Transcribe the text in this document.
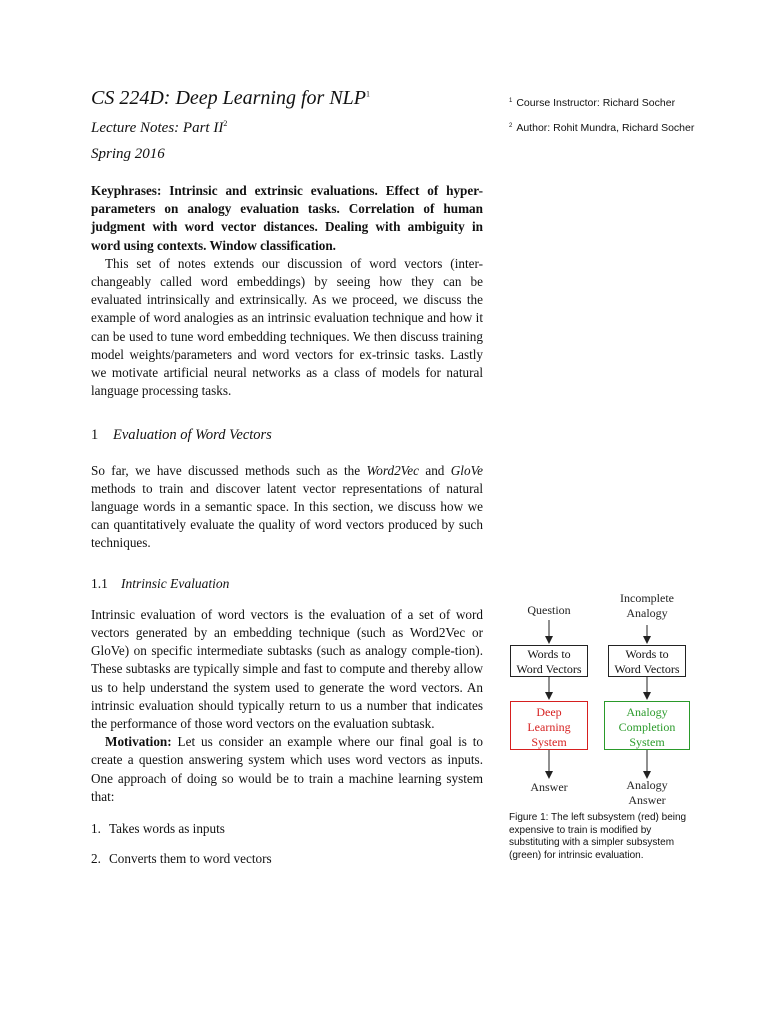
CS 224D: Deep Learning for NLP$^1$
Lecture Notes: Part $II^2$
Spring 2016

Keyphrases: Intrinsic and extrinsic evaluations. Effect of hyper-parameters on analogy evaluation tasks. Correlation of human judgment with word vector distances. Dealing with ambiguity in word using contexts. Window classification.

This set of notes extends our discussion of word vectors (inter-changeably called word embeddings) by seeing how they can be evaluated intrinsically and extrinsically. As we proceed, we discuss the example of word analogies as an intrinsic evaluation technique and how it can be used to tune word embedding techniques. We then discuss training model weights/parameters and word vectors for ex-trinsic tasks. Lastly we motivate artificial neural networks as a class of models for natural language processing tasks.

1 Evaluation of Word Vectors

So far, we have discussed methods such as the Word2Vec and GloVe methods to train and discover latent vector representations of natural language words in a semantic space. In this section, we discuss how we can quantitatively evaluate the quality of word vectors produced by such techniques.

1.1 Intrinsic Evaluation

Intrinsic evaluation of word vectors is the evaluation of a set of word vectors generated by an embedding technique (such as Word2Vec or GloVe) on specific intermediate subtasks (such as analogy comple-tion). These subtasks are typically simple and fast to compute and thereby allow us to help understand the system used to generate the word vectors. An intrinsic evaluation should typically return to us a number that indicates the performance of those word vectors on the evaluation subtask.

Motivation: Let us consider an example where our final goal is to create a question answering system which uses word vectors as inputs. One approach of doing so would be to train a machine learning system that:

1. Takes words as inputs
2. Converts them to word vectors
$^1$ Course Instructor: Richard Socher
$^2$ Author: Rohit Mundra, Richard Socher
Question
Incomplete
Analogy
Words to
Word Vectors
Words to
Word Vectors
Deep
Learning
System
Analogy
Completion
System
Answer	Analogy
Answer
Figure 1: The left subsystem (red) being expensive to train is modified by substituting with a simpler subsystem (green) for intrinsic evaluation.
